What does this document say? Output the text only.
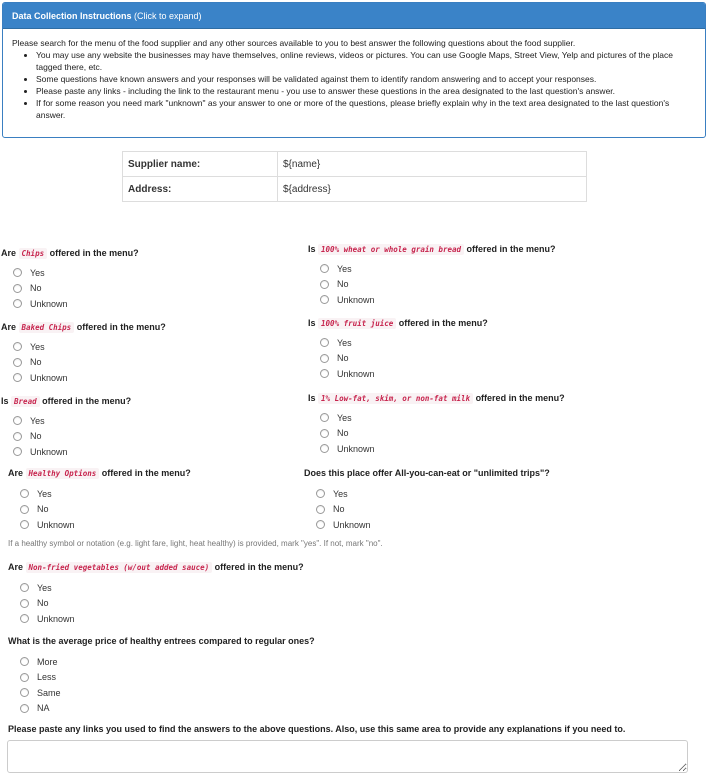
Data Collection Instructions (Click to expand)
Please search for the menu of the food supplier and any other sources available to you to best answer the following questions about the food supplier.
• You may use any website the businesses may have themselves, online reviews, videos or pictures. You can use Google Maps, Street View, Yelp and pictures of the place tagged there, etc.
• Some questions have known answers and your responses will be validated against them to identify random answering and to accept your responses.
• Please paste any links - including the link to the restaurant menu - you use to answer these questions in the area designated to the last question's answer.
• If for some reason you need mark "unknown" as your answer to one or more of the questions, please briefly explain why in the text area designated to the last question's answer.
Supplier name:	${name}
Address:	${address}
Are Chips offered in the menu?
Yes
No
Unknown
Is 100% wheat or whole grain bread offered in the menu?
Yes
No
Unknown
Are Baked Chips offered in the menu?
Yes
No
Unknown
Is 100% fruit juice offered in the menu?
Yes
No
Unknown
Is Bread offered in the menu?
Yes
No
Unknown
Is 1% Low-fat, skim, or non-fat milk offered in the menu?
Yes
No
Unknown
Are Healthy Options offered in the menu?
Yes
No
Unknown
Does this place offer All-you-can-eat or "unlimited trips"?
Yes
No
Unknown
If a healthy symbol or notation (e.g. light fare, light, heat healthy) is provided, mark "yes". If not, mark "no".
Are Non-fried vegetables (w/out added sauce) offered in the menu?
Yes
No
Unknown
What is the average price of healthy entrees compared to regular ones?
More
Less
Same
NA
Please paste any links you used to find the answers to the above questions. Also, use this same area to provide any explanations if you need to.
